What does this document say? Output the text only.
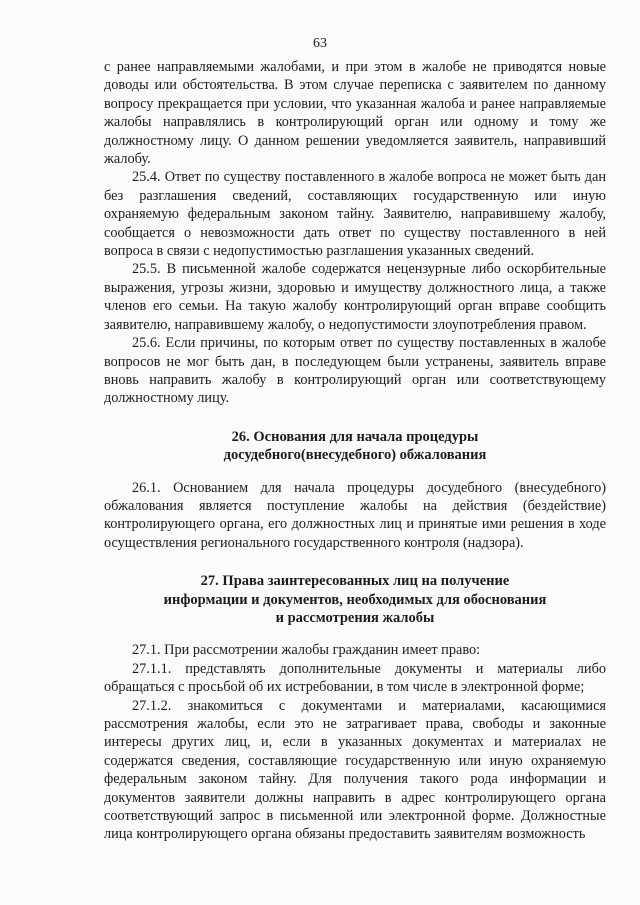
63

с ранее направляемыми жалобами, и при этом в жалобе не приводятся новые доводы или обстоятельства. В этом случае переписка с заявителем по данному вопросу прекращается при условии, что указанная жалоба и ранее направляемые жалобы направлялись в контролирующий орган или одному и тому же должностному лицу. О данном решении уведомляется заявитель, направивший жалобу.

25.4. Ответ по существу поставленного в жалобе вопроса не может быть дан без разглашения сведений, составляющих государственную или иную охраняемую федеральным законом тайну. Заявителю, направившему жалобу, сообщается о невозможности дать ответ по существу поставленного в ней вопроса в связи с недопустимостью разглашения указанных сведений.

25.5. В письменной жалобе содержатся нецензурные либо оскорбительные выражения, угрозы жизни, здоровью и имуществу должностного лица, а также членов его семьи. На такую жалобу контролирующий орган вправе сообщить заявителю, направившему жалобу, о недопустимости злоупотребления правом.

25.6. Если причины, по которым ответ по существу поставленных в жалобе вопросов не мог быть дан, в последующем были устранены, заявитель вправе вновь направить жалобу в контролирующий орган или соответствующему должностному лицу.

26. Основания для начала процедуры
досудебного(внесудебного) обжалования

26.1. Основанием для начала процедуры досудебного (внесудебного) обжалования является поступление жалобы на действия (бездействие) контролирующего органа, его должностных лиц и принятые ими решения в ходе осуществления регионального государственного контроля (надзора).

27. Права заинтересованных лиц на получение
информации и документов, необходимых для обоснования
и рассмотрения жалобы

27.1. При рассмотрении жалобы гражданин имеет право:

27.1.1. представлять дополнительные документы и материалы либо обращаться с просьбой об их истребовании, в том числе в электронной форме;

27.1.2. знакомиться с документами и материалами, касающимися рассмотрения жалобы, если это не затрагивает права, свободы и законные интересы других лиц, и, если в указанных документах и материалах не содержатся сведения, составляющие государственную или иную охраняемую федеральным законом тайну. Для получения такого рода информации и документов заявители должны направить в адрес контролирующего органа соответствующий запрос в письменной или электронной форме. Должностные лица контролирующего органа обязаны предоставить заявителям возможность
